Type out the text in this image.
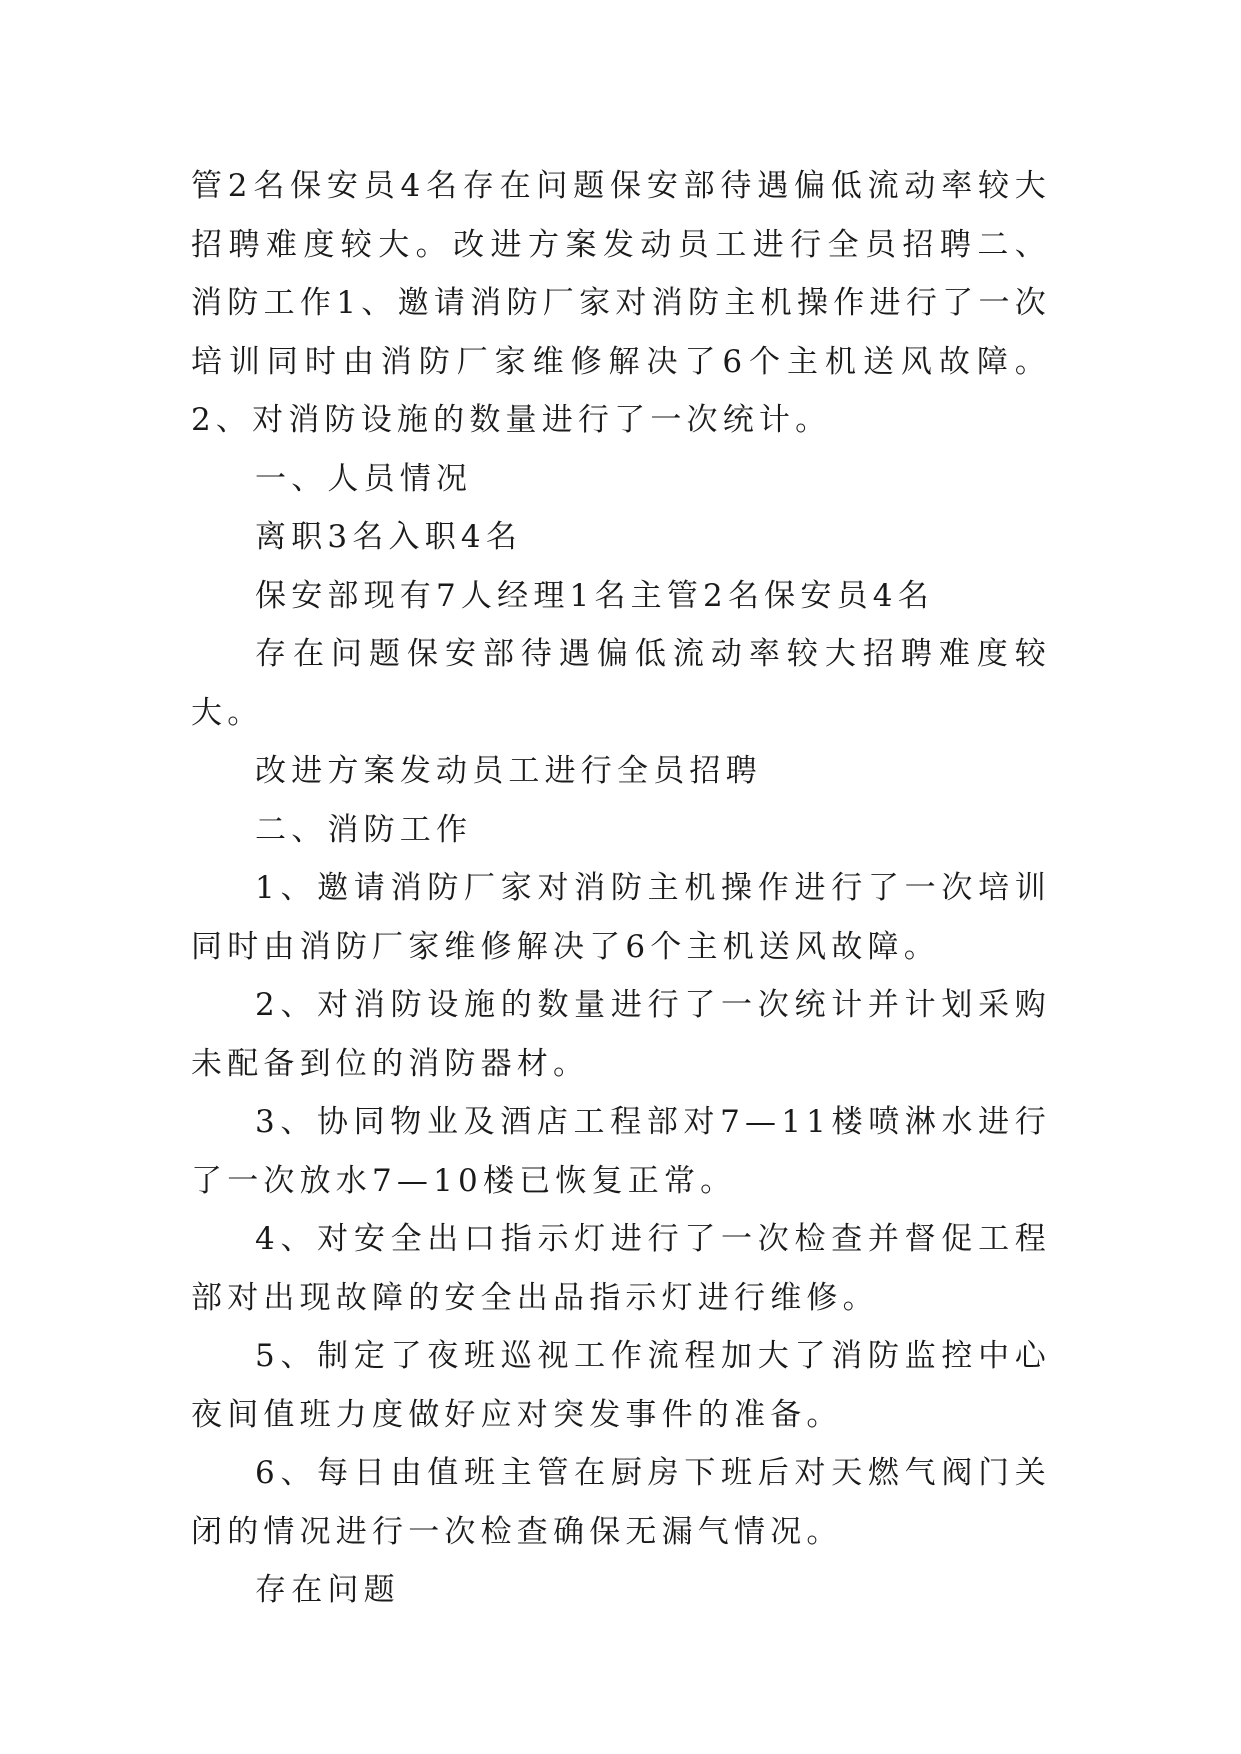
管2名保安员4名存在问题保安部待遇偏低流动率较大招聘难度较大。改进方案发动员工进行全员招聘二、消防工作1、邀请消防厂家对消防主机操作进行了一次培训同时由消防厂家维修解决了6个主机送风故障。2、对消防设施的数量进行了一次统计。

一、人员情况

离职3名入职4名

保安部现有7人经理1名主管2名保安员4名

存在问题保安部待遇偏低流动率较大招聘难度较大。

改进方案发动员工进行全员招聘

二、消防工作

1、邀请消防厂家对消防主机操作进行了一次培训同时由消防厂家维修解决了6个主机送风故障。

2、对消防设施的数量进行了一次统计并计划采购未配备到位的消防器材。

3、协同物业及酒店工程部对7—11楼喷淋水进行了一次放水7—10楼已恢复正常。

4、对安全出口指示灯进行了一次检查并督促工程部对出现故障的安全出品指示灯进行维修。

5、制定了夜班巡视工作流程加大了消防监控中心夜间值班力度做好应对突发事件的准备。

6、每日由值班主管在厨房下班后对天燃气阀门关闭的情况进行一次检查确保无漏气情况。

存在问题
